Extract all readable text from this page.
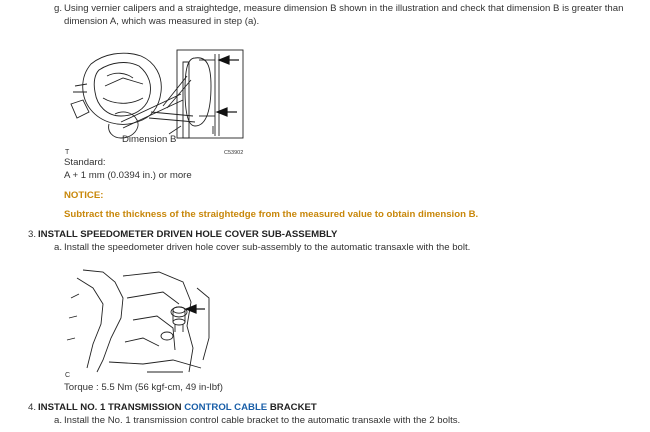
g. Using vernier calipers and a straightedge, measure dimension B shown in the illustration and check that dimension B is greater than
dimension A, which was measured in step (a).
Dimension B
T	C53902
Standard:
A + 1 mm (0.0394 in.) or more
NOTICE:
Subtract the thickness of the straightedge from the measured value to obtain dimension B.
3. INSTALL SPEEDOMETER DRIVEN HOLE COVER SUB-ASSEMBLY
a. Install the speedometer driven hole cover sub-assembly to the automatic transaxle with the bolt.
C
Torque : 5.5 Nm (56 kgf-cm, 49 in-lbf)
4. INSTALL NO. 1 TRANSMISSION CONTROL CABLE BRACKET
a. Install the No. 1 transmission control cable bracket to the automatic transaxle with the 2 bolts.
